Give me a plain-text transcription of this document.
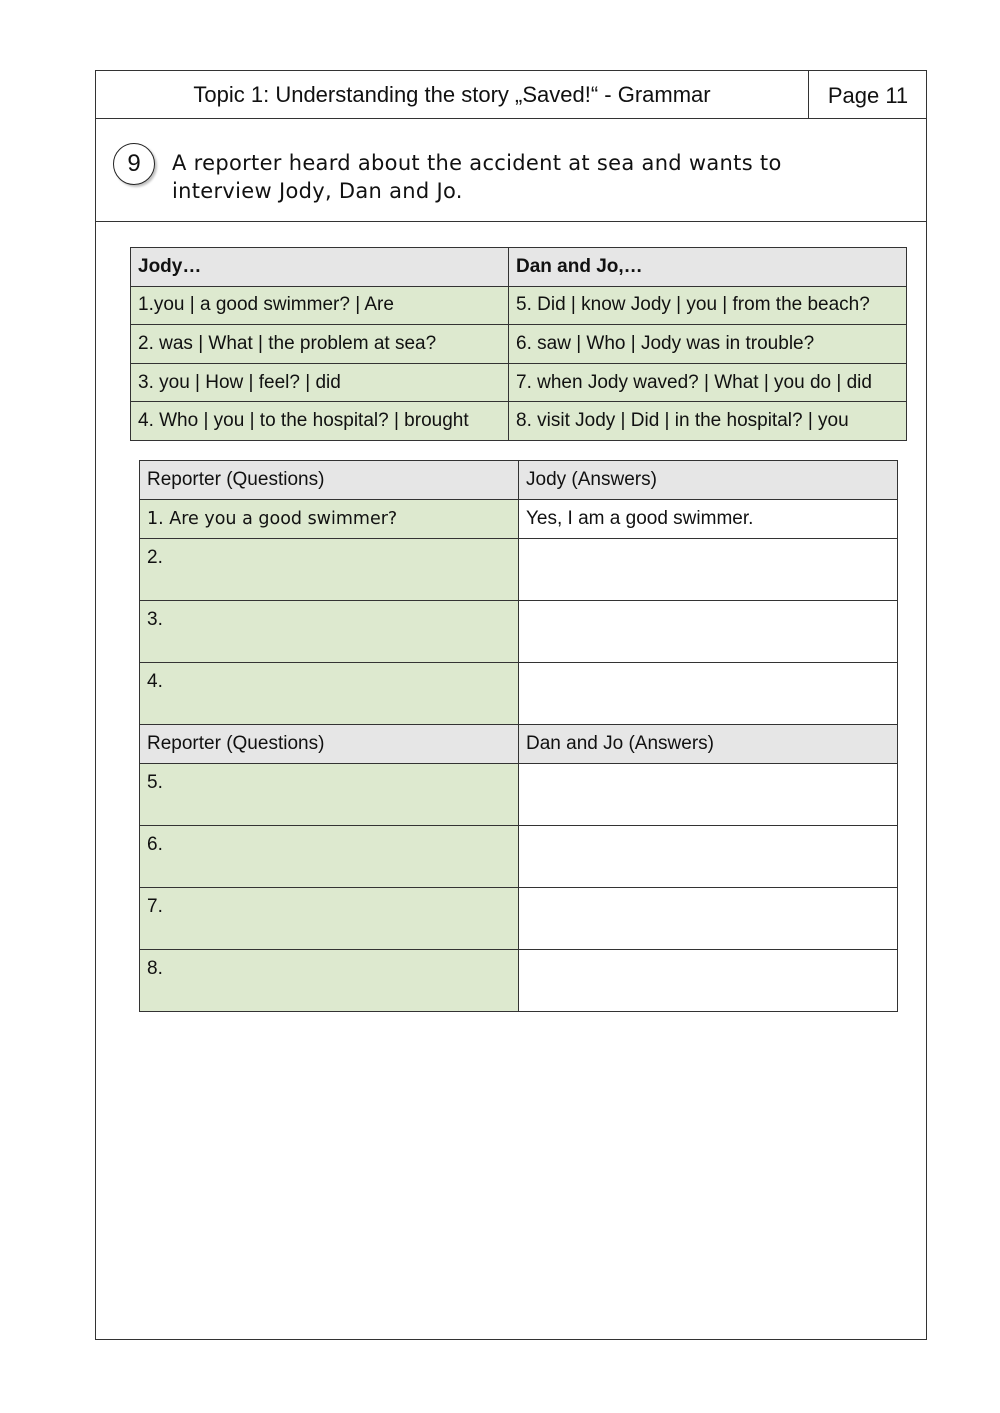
Topic 1: Understanding the story „Saved!“ - Grammar	Page 11
9	A reporter heard about the accident at sea and wants to
interview Jody, Dan and Jo.
Jody…	Dan and Jo,…
1.you | a good swimmer? | Are	5. Did | know Jody | you | from the beach?
2. was | What | the problem at sea?	6. saw | Who | Jody was in trouble?
3. you | How | feel? | did	7. when Jody waved? | What | you do | did
4. Who | you | to the hospital? | brought	8. visit Jody | Did | in the hospital? | you
Reporter (Questions)	Jody (Answers)
1. Are you a good swimmer?	Yes, I am a good swimmer.
2.	
3.	
4.	
Reporter (Questions)	Dan and Jo (Answers)
5.	
6.	
7.	
8.	
